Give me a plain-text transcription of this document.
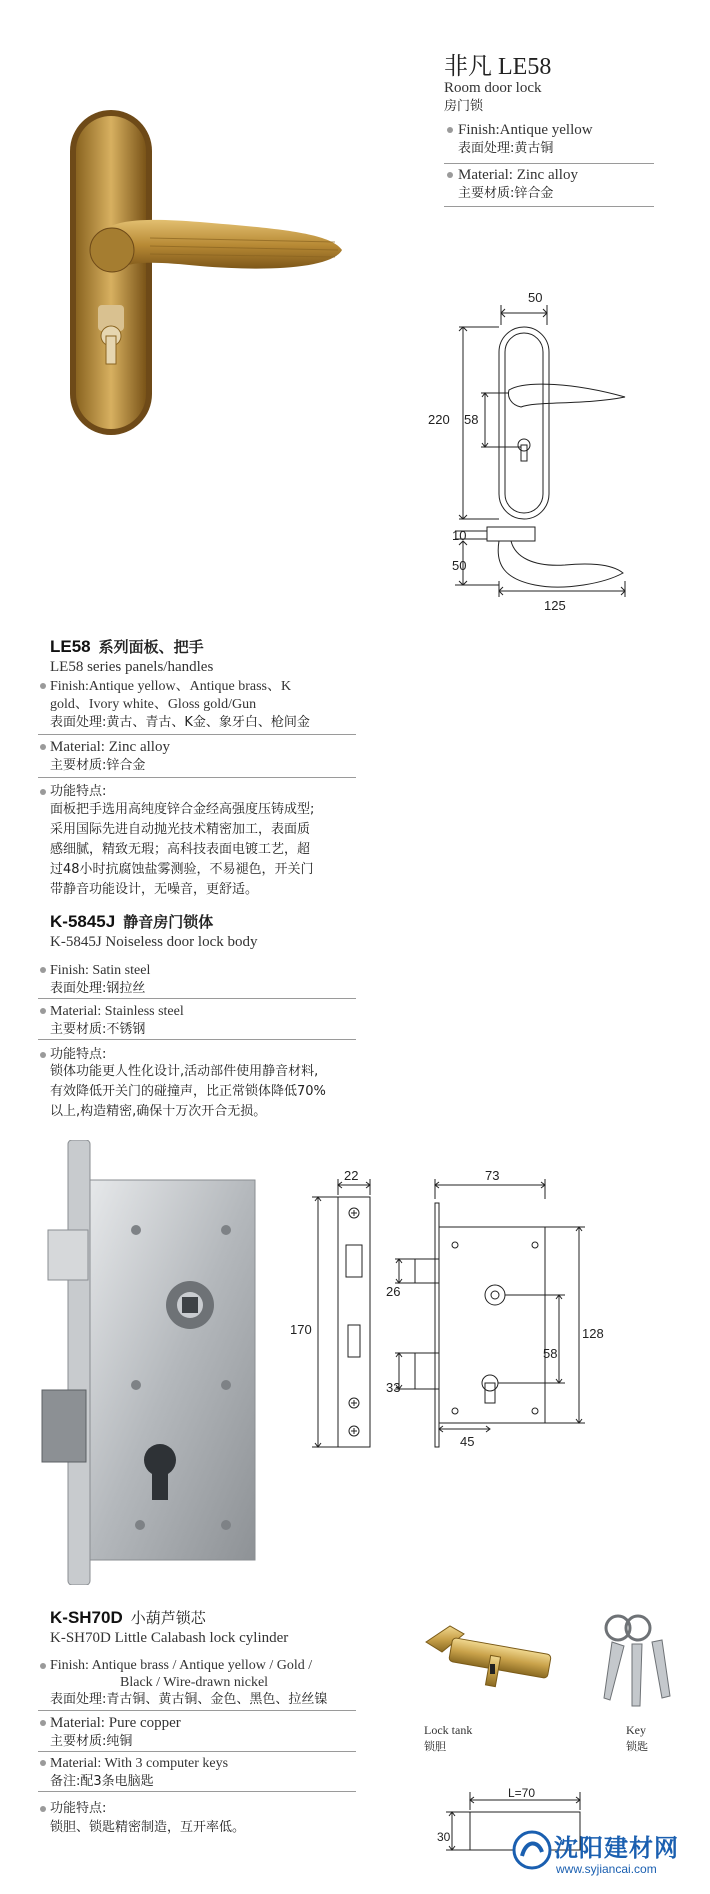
非凡 LE58
Room door lock
房门锁
Finish:Antique yellow
表面处理:黄古铜
Material: Zinc alloy
主要材质:锌合金
50
220 58
10
50
125
LE58 系列面板、把手
LE58 series panels/handles
Finish:Antique yellow、Antique brass、K
gold、Ivory white、Gloss gold/Gun
表面处理:黄古、青古、K金、象牙白、枪间金
Material: Zinc alloy
主要材质:锌合金
功能特点:
面板把手选用高纯度锌合金经高强度压铸成型;
采用国际先进自动抛光技术精密加工，表面质
感细腻，精致无瑕；高科技表面电镀工艺，超
过48小时抗腐蚀盐雾测验，不易褪色，开关门
带静音功能设计，无噪音，更舒适。
K-5845J 静音房门锁体
K-5845J Noiseless door lock body
Finish: Satin steel
表面处理:钢拉丝
Material: Stainless steel
主要材质:不锈钢
功能特点:
锁体功能更人性化设计,活动部件使用静音材料,
有效降低开关门的碰撞声，比正常锁体降低70%
以上,构造精密,确保十万次开合无损。
22
170
73
128
26
33
58
45
K-SH70D 小葫芦锁芯
K-SH70D Little Calabash lock cylinder
Finish: Antique brass / Antique yellow / Gold /
Black / Wire-drawn nickel
表面处理:青古铜、黄古铜、金色、黑色、拉丝镍
Material: Pure copper
主要材质:纯铜
Material: With 3 computer keys
备注:配3条电脑匙
功能特点:
锁胆、锁匙精密制造，互开率低。
Lock tank
锁胆
Key
锁匙
L=70
30	沈阳建材网
www.syjiancai.com
